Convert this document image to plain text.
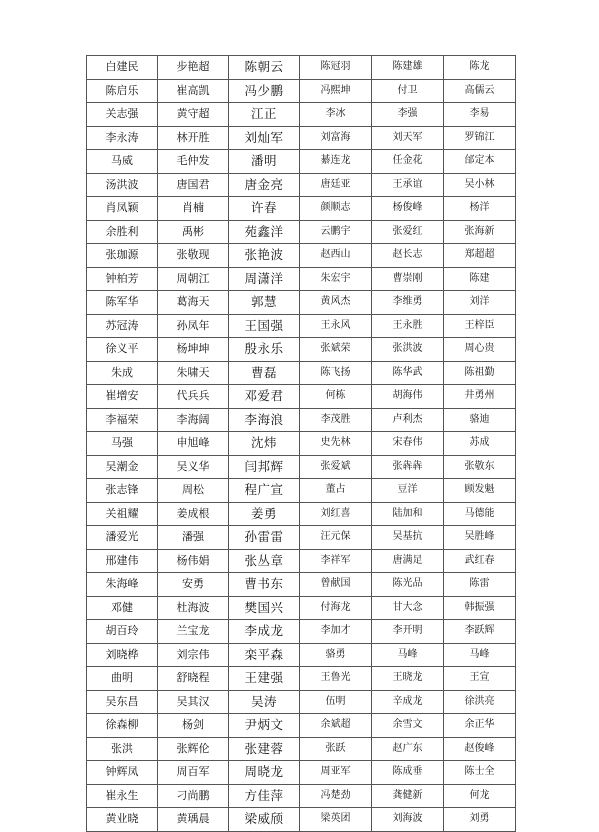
白建民	步艳超	陈朝云	陈冠羽	陈建雄	陈龙
陈启乐	崔高凯	冯少鹏	冯熙坤	付卫	高儒云
关志强	黄守超	江正	李冰	李强	李易
李永涛	林开胜	刘灿军	刘富海	刘天军	罗锦江
马威	毛仲发	潘明	綦连龙	任金花	邰定本
汤洪波	唐国君	唐金亮	唐廷亚	王承谊	吴小林
肖凤颖	肖楠	许春	颜顺志	杨俊峰	杨洋
余胜利	禹彬	苑鑫洋	云鹏宇	张爱红	张海新
张珈源	张敬现	张艳波	赵西山	赵长志	郑超超
钟柏芳	周朝江	周潇洋	朱宏宇	曹崇刚	陈建
陈军华	葛海天	郭慧	黄风杰	李维勇	刘洋
苏冠涛	孙凤年	王国强	王永风	王永胜	王梓臣
徐义平	杨坤坤	殷永乐	张斌荣	张洪波	周心贵
朱成	朱啸天	曹磊	陈飞扬	陈华武	陈祖勤
崔增安	代兵兵	邓爱君	何栋	胡海伟	井勇州
李福荣	李海阔	李海浪	李茂胜	卢利杰	骆迪
马强	申旭峰	沈炜	史先林	宋春伟	苏成
吴潮金	吴义华	闫邦辉	张爱斌	张犇犇	张敬东
张志锋	周松	程广宣	董占	豆洋	顾发魁
关祖耀	姜成根	姜勇	刘红喜	陆加和	马德能
潘爱光	潘强	孙雷雷	汪元保	吴基抗	吴胜峰
邢建伟	杨伟娟	张丛章	李祥军	唐满足	武红春
朱海峰	安勇	曹书东	曾献国	陈光品	陈雷
邓健	杜海波	樊国兴	付海龙	甘大念	韩振强
胡百玲	兰宝龙	李成龙	李加才	李开明	李跃辉
刘晓桦	刘宗伟	栾平森	骆勇	马峰	马峰
曲明	舒晓程	王建强	王鲁光	王晓龙	王宣
吴东昌	吴其汉	吴涛	伍明	辛成龙	徐洪亮
徐森柳	杨剑	尹炳文	余斌超	余雪文	余正华
张洪	张辉伦	张建蓉	张跃	赵广东	赵俊峰
钟辉凤	周百军	周晓龙	周亚军	陈成垂	陈士全
崔永生	刁尚鹏	方佳萍	冯楚劲	龚健新	何龙
黄业晓	黄瑀晨	梁威颀	梁英团	刘海波	刘勇
